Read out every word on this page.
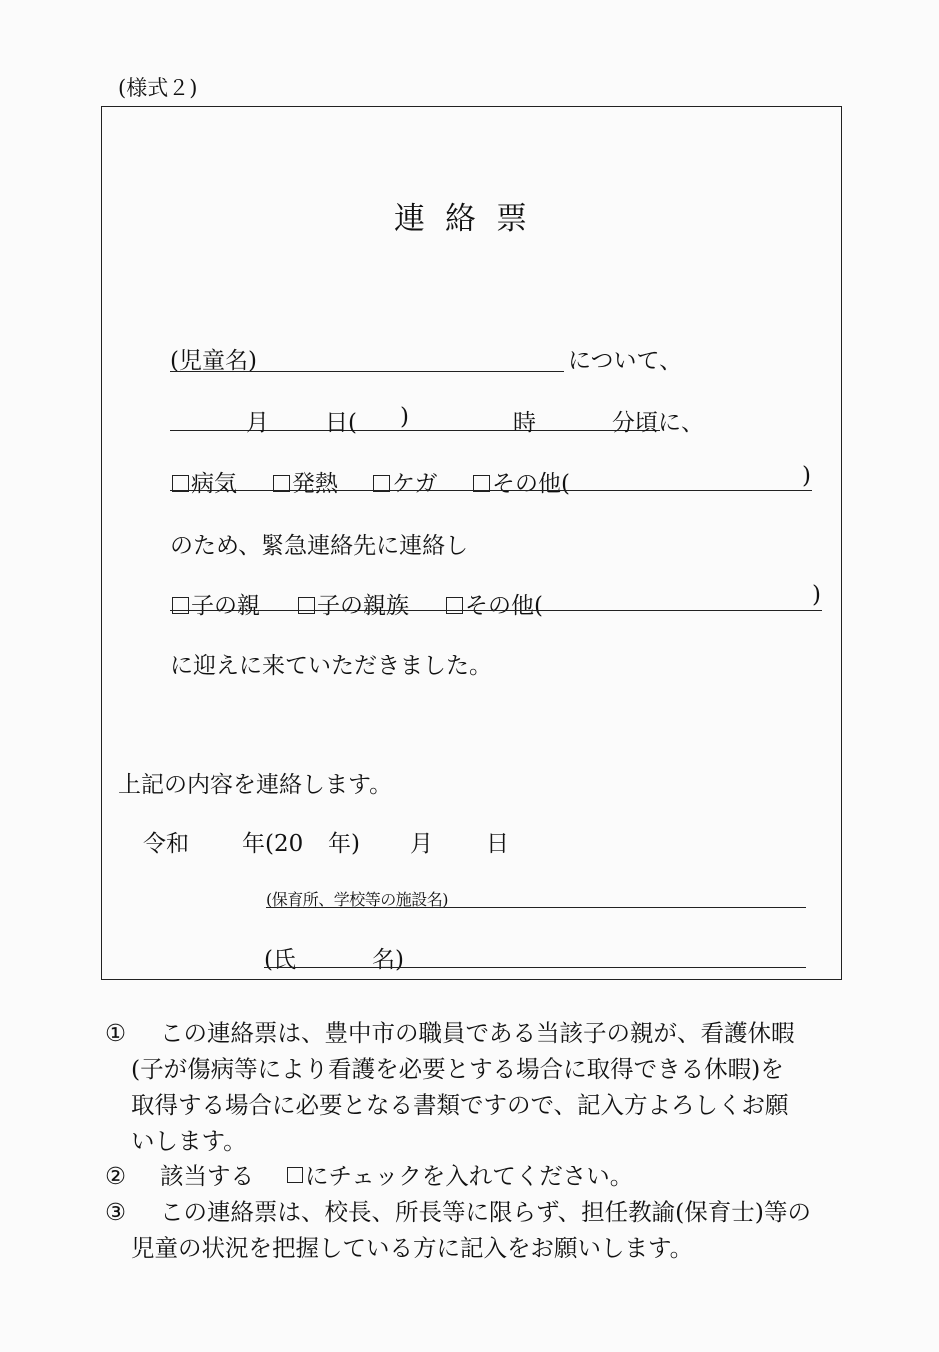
(様式２)
連絡票
(児童名)	について、
月 日( )	時	分頃に、
病気	発熱	ケガ	その他(	)
のため、緊急連絡先に連絡し
子の親	子の親族	その他(	)
に迎えに来ていただきました。
上記の内容を連絡します。
令和 年(20 年) 月 日
(保育所、学校等の施設名)
(氏	名)
① この連絡票は、豊中市の職員である当該子の親が、看護休暇
(子が傷病等により看護を必要とする場合に取得できる休暇)を
取得する場合に必要となる書類ですので、記入方よろしくお願
いします。
② 該当する にチェックを入れてください。
③ この連絡票は、校長、所長等に限らず、担任教諭(保育士)等の
児童の状況を把握している方に記入をお願いします。
